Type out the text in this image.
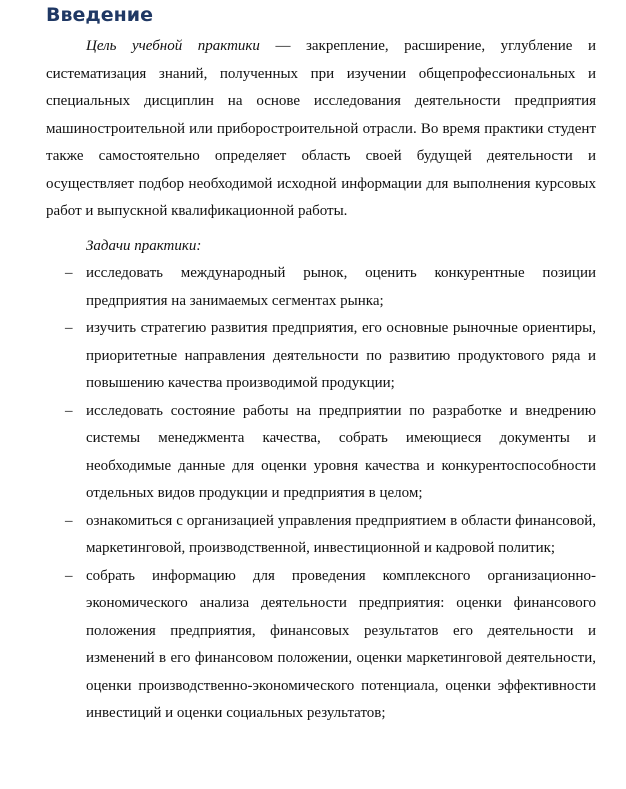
Введение

Цель учебной практики — закрепление, расширение, углубление и систематизация знаний, полученных при изучении общепрофессиональных и специальных дисциплин на основе исследования деятельности предприятия машиностроительной или приборостроительной отрасли. Во время практики студент также самостоятельно определяет область своей будущей деятельности и осуществляет подбор необходимой исходной информации для выполнения курсовых работ и выпускной квалификационной работы.

Задачи практики:

– исследовать международный рынок, оценить конкурентные позиции предприятия на занимаемых сегментах рынка;
– изучить стратегию развития предприятия, его основные рыночные ориентиры, приоритетные направления деятельности по развитию продуктового ряда и повышению качества производимой продукции;
– исследовать состояние работы на предприятии по разработке и внедрению системы менеджмента качества, собрать имеющиеся документы и необходимые данные для оценки уровня качества и конкурентоспособности отдельных видов продукции и предприятия в целом;
– ознакомиться с организацией управления предприятием в области финансовой, маркетинговой, производственной, инвестиционной и кадровой политик;
– собрать информацию для проведения комплексного организационно-экономического анализа деятельности предприятия: оценки финансового положения предприятия, финансовых результатов его деятельности и изменений в его финансовом положении, оценки маркетинговой деятельности, оценки производственно-экономического потенциала, оценки эффективности инвестиций и оценки социальных результатов;
